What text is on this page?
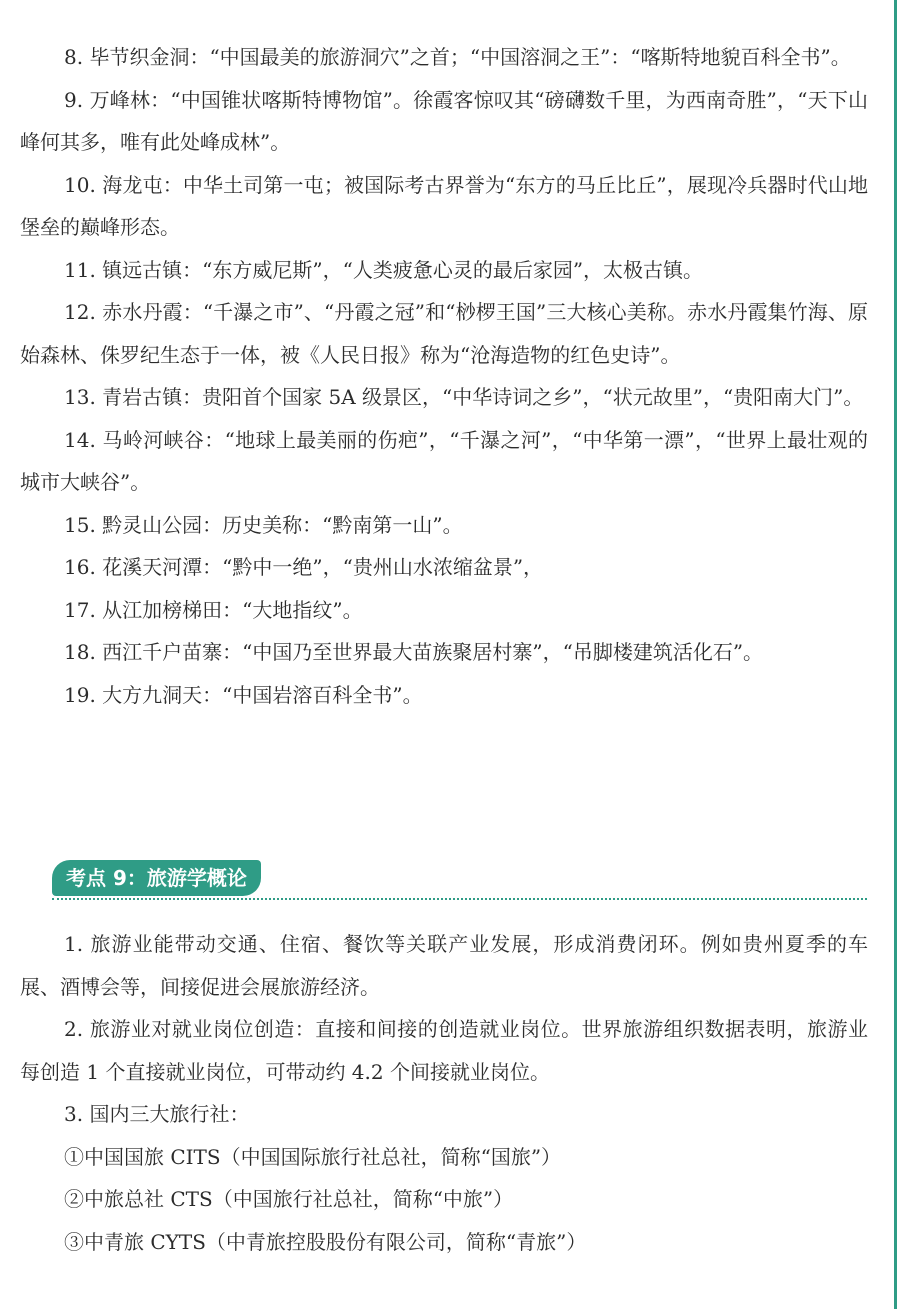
8. 毕节织金洞：“中国最美的旅游洞穴”之首；“中国溶洞之王”：“喀斯特地貌百科全书”。

9. 万峰林：“中国锥状喀斯特博物馆”。徐霞客惊叹其“磅礴数千里，为西南奇胜”，“天下山峰何其多，唯有此处峰成林”。

10. 海龙屯：中华土司第一屯；被国际考古界誉为“东方的马丘比丘”，展现冷兵器时代山地堡垒的巅峰形态。

11. 镇远古镇：“东方威尼斯”，“人类疲惫心灵的最后家园”，太极古镇。

12. 赤水丹霞：“千瀑之市”、“丹霞之冠”和“桫椤王国”三大核心美称。赤水丹霞集竹海、原始森林、侏罗纪生态于一体，被《人民日报》称为“沧海造物的红色史诗”。

13. 青岩古镇：贵阳首个国家 5A 级景区，“中华诗词之乡”，“状元故里”，“贵阳南大门”。

14. 马岭河峡谷：“地球上最美丽的伤疤”，“千瀑之河”，“中华第一漂”，“世界上最壮观的城市大峡谷”。

15. 黔灵山公园：历史美称：“黔南第一山”。

16. 花溪天河潭：“黔中一绝”，“贵州山水浓缩盆景”，

17. 从江加榜梯田：“大地指纹”。

18. 西江千户苗寨：“中国乃至世界最大苗族聚居村寨”，“吊脚楼建筑活化石”。

19. 大方九洞天：“中国岩溶百科全书”。

考点 9：旅游学概论

1. 旅游业能带动交通、住宿、餐饮等关联产业发展，形成消费闭环。例如贵州夏季的车展、酒博会等，间接促进会展旅游经济。

2. 旅游业对就业岗位创造：直接和间接的创造就业岗位。世界旅游组织数据表明，旅游业每创造 1 个直接就业岗位，可带动约 4.2 个间接就业岗位。

3. 国内三大旅行社：

①中国国旅 CITS（中国国际旅行社总社，简称“国旅”）

②中旅总社 CTS（中国旅行社总社，简称“中旅”）

③中青旅 CYTS（中青旅控股股份有限公司，简称“青旅”）
